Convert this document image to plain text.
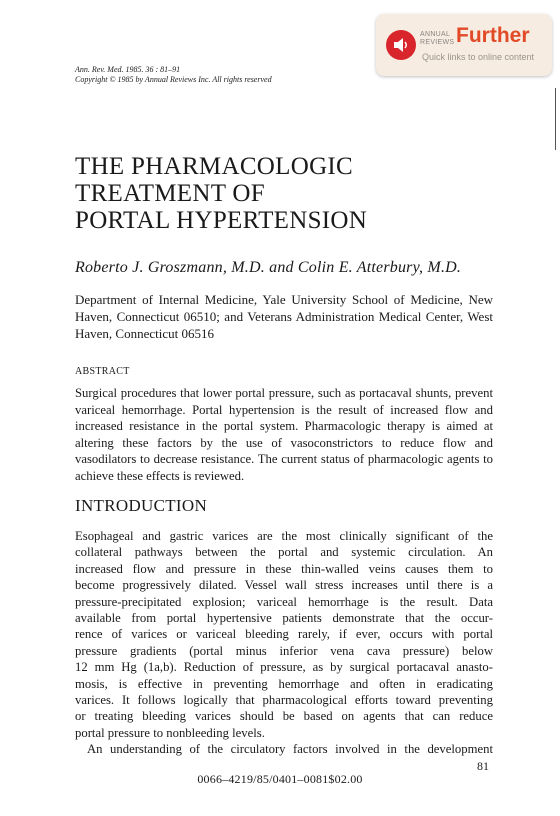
ANNUAL
REVIEWS Further
Quick links to online content
Ann. Rev. Med. 1985. 36 : 81–91
Copyright © 1985 by Annual Reviews Inc. All rights reserved
THE PHARMACOLOGIC
TREATMENT OF
PORTAL HYPERTENSION
Roberto J. Groszmann, M.D. and Colin E. Atterbury, M.D.
Department of Internal Medicine, Yale University School of Medicine, New Haven, Connecticut 06510; and Veterans Administration Medical Center, West Haven, Connecticut 06516
ABSTRACT
Surgical procedures that lower portal pressure, such as portacaval shunts, prevent variceal hemorrhage. Portal hypertension is the result of increased flow and increased resistance in the portal system. Pharmacologic therapy is aimed at altering these factors by the use of vasoconstrictors to reduce flow and vasodilators to decrease resistance. The current status of pharmacologic agents to achieve these effects is reviewed.
INTRODUCTION
Esophageal and gastric varices are the most clinically significant of the
collateral pathways between the portal and systemic circulation. An
increased flow and pressure in these thin-walled veins causes them to
become progressively dilated. Vessel wall stress increases until there is a
pressure-precipitated explosion; variceal hemorrhage is the result. Data
available from portal hypertensive patients demonstrate that the occur-
rence of varices or variceal bleeding rarely, if ever, occurs with portal
pressure gradients (portal minus inferior vena cava pressure) below
12 mm Hg (1a,b). Reduction of pressure, as by surgical portacaval anasto-
mosis, is effective in preventing hemorrhage and often in eradicating
varices. It follows logically that pharmacological efforts toward preventing
or treating bleeding varices should be based on agents that can reduce
portal pressure to nonbleeding levels.
An understanding of the circulatory factors involved in the development
81
0066–4219/85/0401–0081$02.00
